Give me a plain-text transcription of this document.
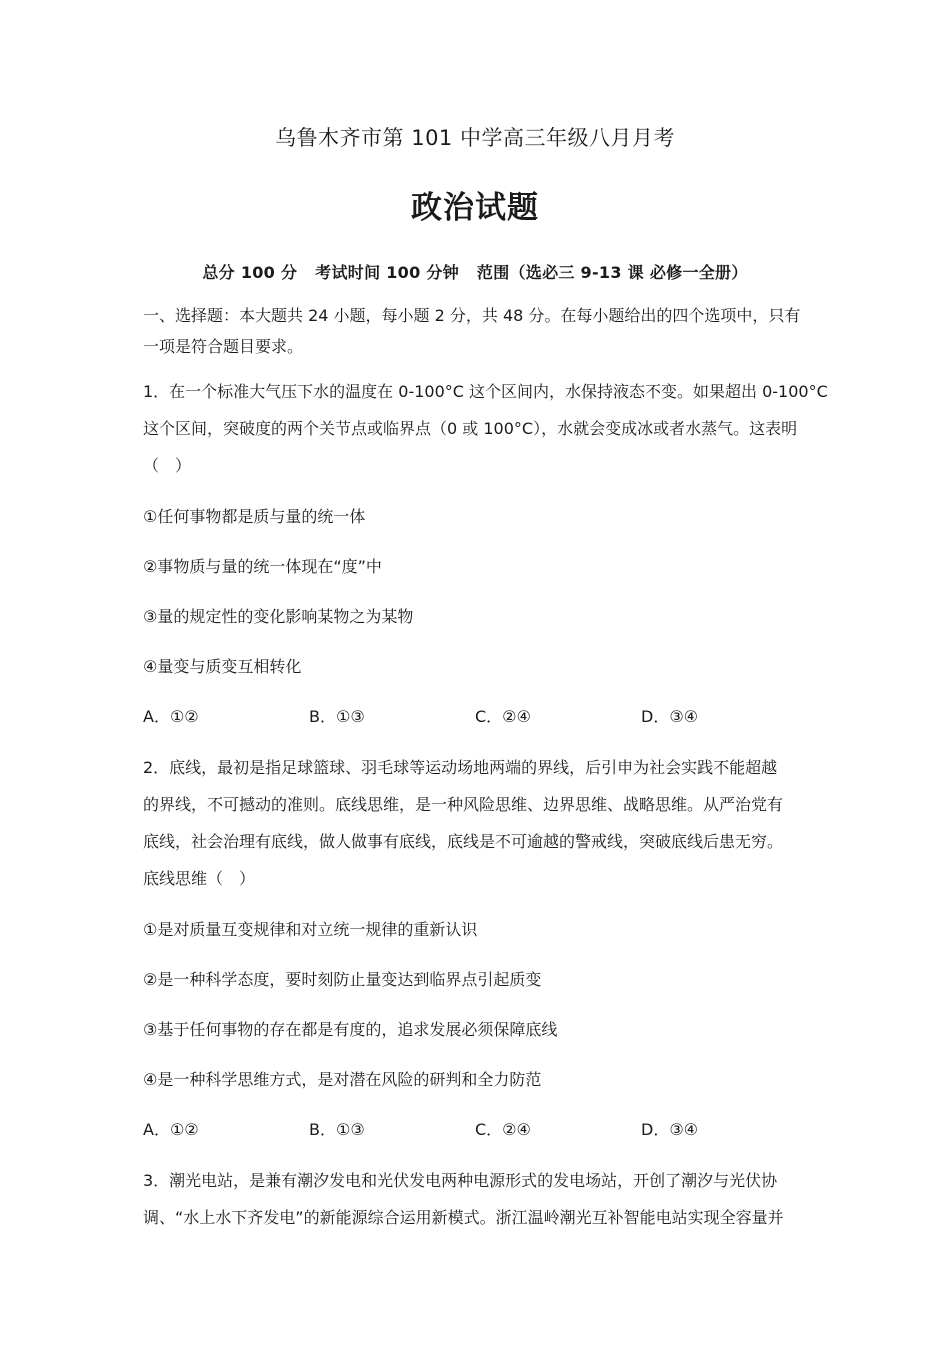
乌鲁木齐市第 101 中学高三年级八月月考
政治试题
总分 100 分 考试时间 100 分钟 范围（选必三 9-13 课 必修一全册）
一、选择题：本大题共 24 小题，每小题 2 分，共 48 分。在每小题给出的四个选项中，只有
一项是符合题目要求。
1．在一个标准大气压下水的温度在 0-100°C 这个区间内，水保持液态不变。如果超出 0-100°C
这个区间，突破度的两个关节点或临界点（0 或 100°C），水就会变成冰或者水蒸气。这表明
（　）
①任何事物都是质与量的统一体
②事物质与量的统一体现在“度”中
③量的规定性的变化影响某物之为某物
④量变与质变互相转化
A．①②	B．①③	C．②④	D．③④
2．底线，最初是指足球篮球、羽毛球等运动场地两端的界线，后引申为社会实践不能超越
的界线，不可撼动的准则。底线思维，是一种风险思维、边界思维、战略思维。从严治党有
底线，社会治理有底线，做人做事有底线，底线是不可逾越的警戒线，突破底线后患无穷。
底线思维（　）
①是对质量互变规律和对立统一规律的重新认识
②是一种科学态度，要时刻防止量变达到临界点引起质变
③基于任何事物的存在都是有度的，追求发展必须保障底线
④是一种科学思维方式，是对潜在风险的研判和全力防范
A．①②	B．①③	C．②④	D．③④
3．潮光电站，是兼有潮汐发电和光伏发电两种电源形式的发电场站，开创了潮汐与光伏协
调、“水上水下齐发电”的新能源综合运用新模式。浙江温岭潮光互补智能电站实现全容量并
